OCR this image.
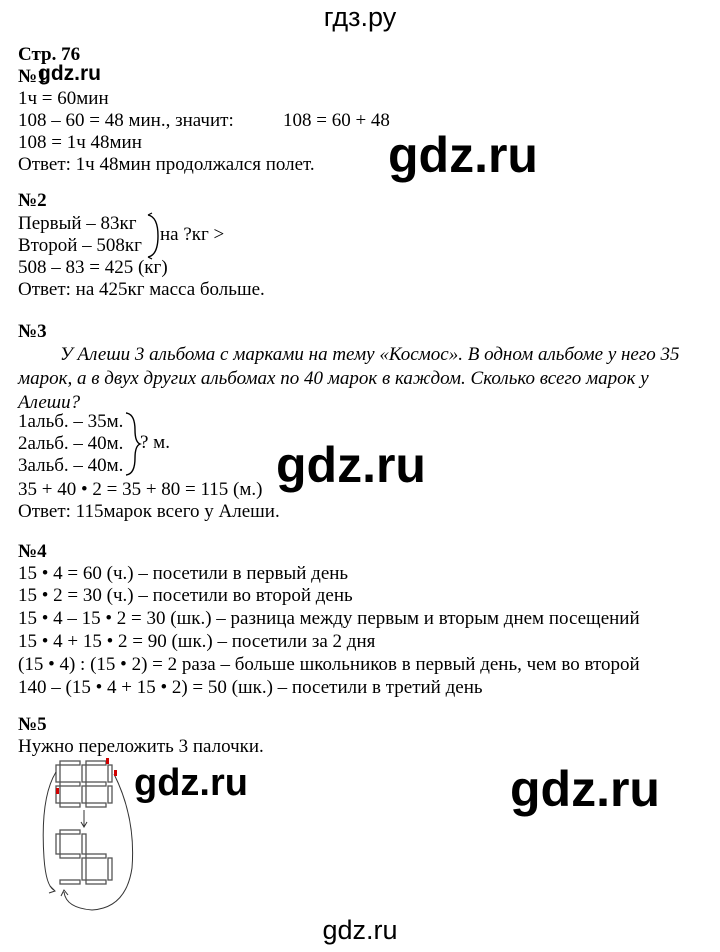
гдз.ру
gdz.ru
gdz.ru
gdz.ru
gdz.ru	gdz.ru
Стр. 76
№1
gdz.ru
1ч = 60мин
108 – 60 = 48 мин., значит:	108 = 60 + 48
108 = 1ч 48мин
Ответ: 1ч 48мин продолжался полет.
№2
Первый – 83кг
Второй – 508кг
на ?кг >
508 – 83 = 425 (кг)
Ответ: на 425кг масса больше.
№3
У Алеши 3 альбома с марками на тему «Космос». В одном альбоме у него 35 марок, а в двух других альбомах по 40 марок в каждом. Сколько всего марок у Алеши?
1альб. – 35м.
2альб. – 40м.
3альб. – 40м.
? м.
35 + 40 • 2 = 35 + 80 = 115 (м.)
Ответ: 115марок всего у Алеши.
№4
15 • 4 = 60 (ч.) – посетили в первый день
15 • 2 = 30 (ч.) – посетили во второй день
15 • 4 – 15 • 2 = 30 (шк.) – разница между первым и вторым днем посещений
15 • 4 + 15 • 2 = 90 (шк.) – посетили за 2 дня
(15 • 4) : (15 • 2) = 2 раза – больше школьников в первый день, чем во второй
140 – (15 • 4 + 15 • 2) = 50 (шк.) – посетили в третий день
№5
Нужно переложить 3 палочки.
